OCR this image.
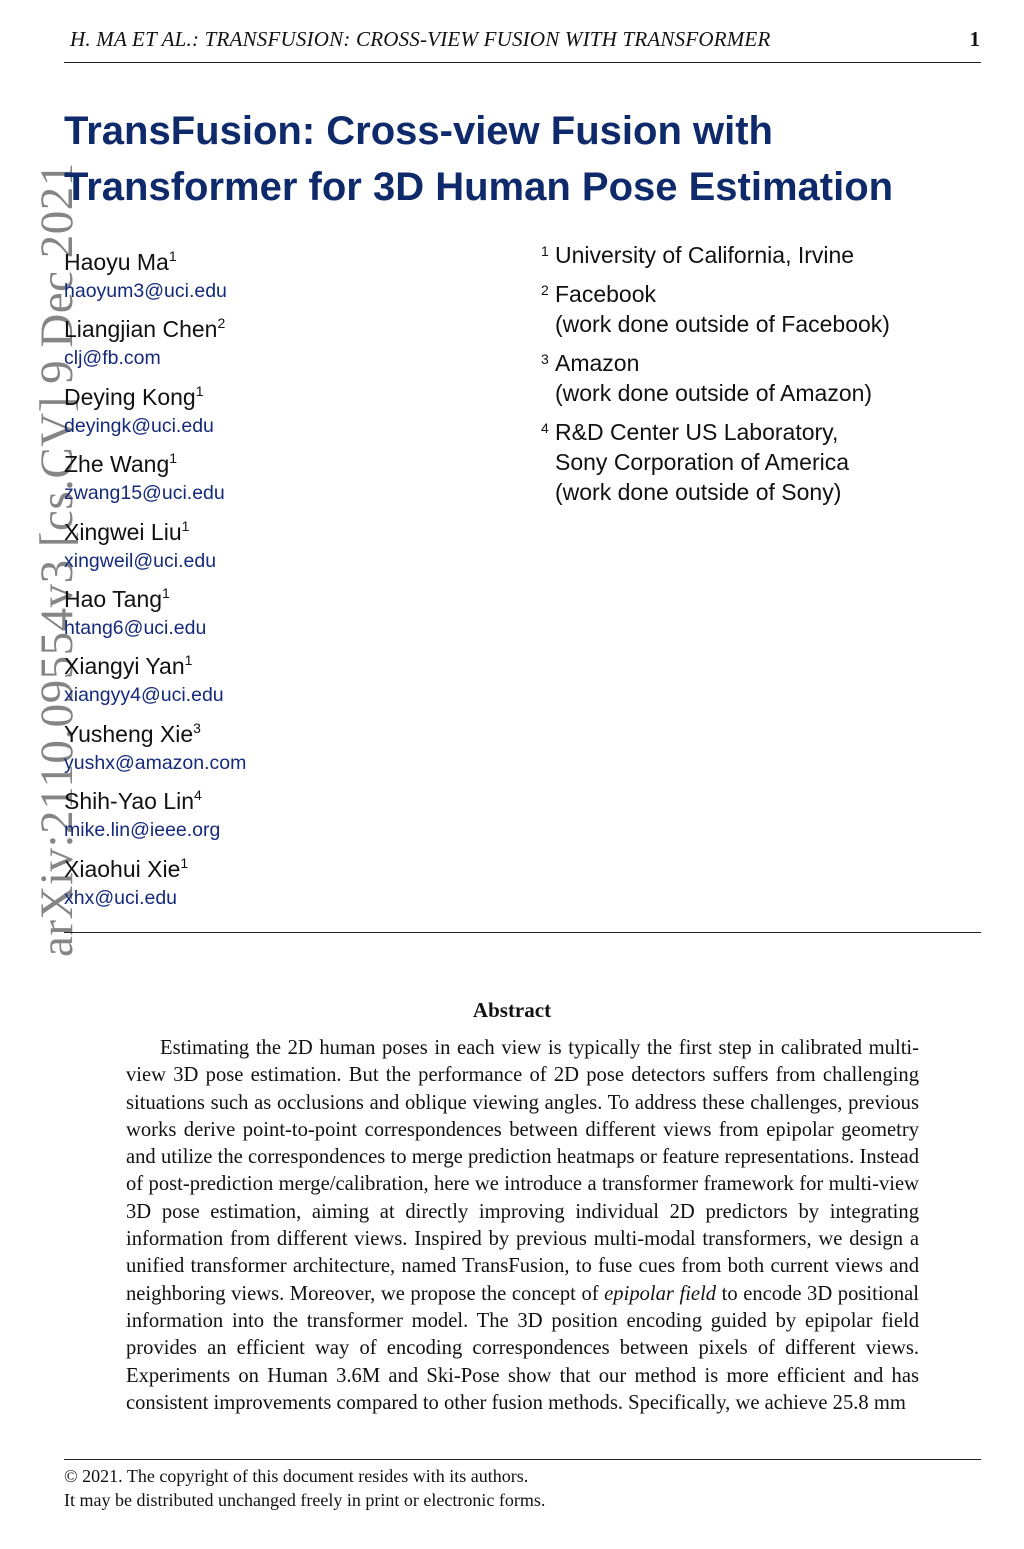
H. MA ET AL.: TRANSFUSION: CROSS-VIEW FUSION WITH TRANSFORMER	1
arXiv:2110.09554v3 [cs.CV] 9 Dec 2021
TransFusion: Cross-view Fusion with
Transformer for 3D Human Pose Estimation
Haoyu Ma$^1$
haoyum3@uci.edu
Liangjian Chen$^2$
clj@fb.com
Deying Kong$^1$
deyingk@uci.edu
Zhe Wang$^1$
zwang15@uci.edu
Xingwei Liu$^1$
xingweil@uci.edu
Hao Tang$^1$
htang6@uci.edu
Xiangyi Yan$^1$
xiangyy4@uci.edu
Yusheng Xie$^3$
yushx@amazon.com
Shih-Yao Lin$^4$
mike.lin@ieee.org
Xiaohui Xie$^1$
xhx@uci.edu
1 University of California, Irvine
2 Facebook
(work done outside of Facebook)
3 Amazon
(work done outside of Amazon)
4 R&D Center US Laboratory,
Sony Corporation of America
(work done outside of Sony)
Abstract

Estimating the 2D human poses in each view is typically the first step in calibrated multi-view 3D pose estimation. But the performance of 2D pose detectors suffers from challenging situations such as occlusions and oblique viewing angles. To address these challenges, previous works derive point-to-point correspondences between different views from epipolar geometry and utilize the correspondences to merge prediction heatmaps or feature representations. Instead of post-prediction merge/calibration, here we introduce a transformer framework for multi-view 3D pose estimation, aiming at directly improving individual 2D predictors by integrating information from different views. Inspired by previous multi-modal transformers, we design a unified transformer architecture, named TransFusion, to fuse cues from both current views and neighboring views. Moreover, we propose the concept of epipolar field to encode 3D positional information into the transformer model. The 3D position encoding guided by epipolar field provides an efficient way of encoding correspondences between pixels of different views. Experiments on Human 3.6M and Ski-Pose show that our method is more efficient and has consistent improvements compared to other fusion methods. Specifically, we achieve 25.8 mm

© 2021. The copyright of this document resides with its authors.
It may be distributed unchanged freely in print or electronic forms.
